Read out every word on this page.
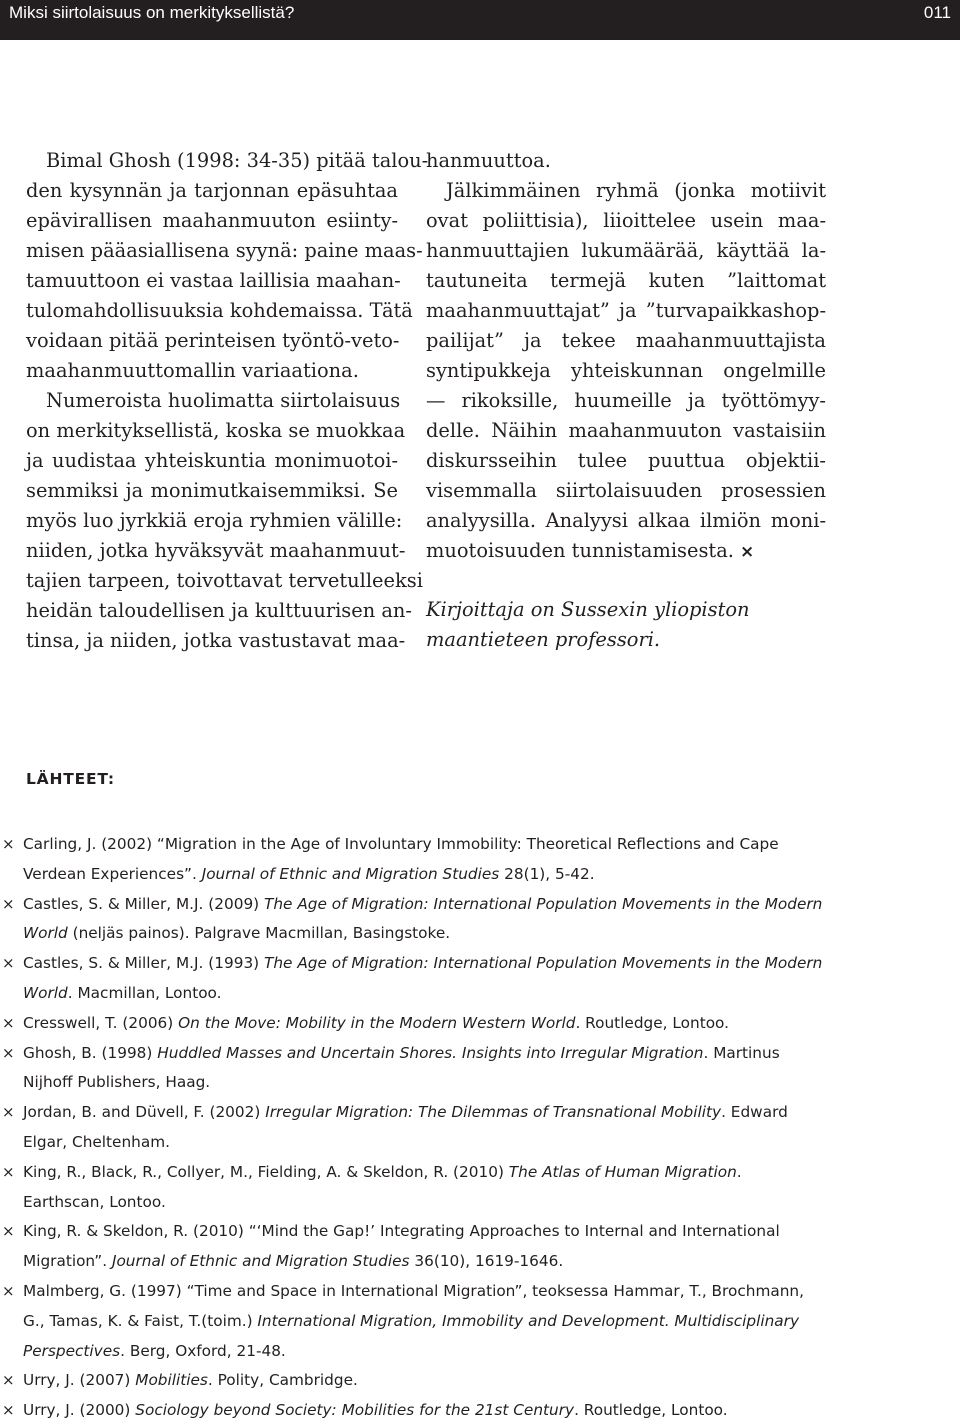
Miksi siirtolaisuus on merkityksellistä?	011
Bimal Ghosh (1998: 34-35) pitää talou-
den kysynnän ja tarjonnan epäsuhtaa
epävirallisen maahanmuuton esiinty-
misen pääasiallisena syynä: paine maas-
tamuuttoon ei vastaa laillisia maahan-
tulomahdollisuuksia kohdemaissa. Tätä
voidaan pitää perinteisen työntö-veto-
maahanmuuttomallin variaationa.
Numeroista huolimatta siirtolaisuus
on merkityksellistä, koska se muokkaa
ja uudistaa yhteiskuntia monimuotoi-
semmiksi ja monimutkaisemmiksi. Se
myös luo jyrkkiä eroja ryhmien välille:
niiden, jotka hyväksyvät maahanmuut-
tajien tarpeen, toivottavat tervetulleeksi
heidän taloudellisen ja kulttuurisen an-
tinsa, ja niiden, jotka vastustavat maa-
hanmuuttoa.
Jälkimmäinen ryhmä (jonka motiivit
ovat poliittisia), liioittelee usein maa-
hanmuuttajien lukumäärää, käyttää la-
tautuneita termejä kuten ”laittomat
maahanmuuttajat” ja ”turvapaikkashop-
pailijat” ja tekee maahanmuuttajista
syntipukkeja yhteiskunnan ongelmille
— rikoksille, huumeille ja työttömyy-
delle. Näihin maahanmuuton vastaisiin
diskursseihin tulee puuttua objektii-
visemmalla siirtolaisuuden prosessien
analyysilla. Analyysi alkaa ilmiön moni-
muotoisuuden tunnistamisesta. ×
Kirjoittaja on Sussexin yliopiston
maantieteen professori.
LÄHTEET:
× Carling, J. (2002) “Migration in the Age of Involuntary Immobility: Theoretical Reflections and Cape
Verdean Experiences”. Journal of Ethnic and Migration Studies 28(1), 5-42.
× Castles, S. & Miller, M.J. (2009) The Age of Migration: International Population Movements in the Modern
World (neljäs painos). Palgrave Macmillan, Basingstoke.
× Castles, S. & Miller, M.J. (1993) The Age of Migration: International Population Movements in the Modern
World. Macmillan, Lontoo.
× Cresswell, T. (2006) On the Move: Mobility in the Modern Western World. Routledge, Lontoo.
× Ghosh, B. (1998) Huddled Masses and Uncertain Shores. Insights into Irregular Migration. Martinus
Nijhoff Publishers, Haag.
× Jordan, B. and Düvell, F. (2002) Irregular Migration: The Dilemmas of Transnational Mobility. Edward
Elgar, Cheltenham.
× King, R., Black, R., Collyer, M., Fielding, A. & Skeldon, R. (2010) The Atlas of Human Migration.
Earthscan, Lontoo.
× King, R. & Skeldon, R. (2010) “‘Mind the Gap!’ Integrating Approaches to Internal and International
Migration”. Journal of Ethnic and Migration Studies 36(10), 1619-1646.
× Malmberg, G. (1997) “Time and Space in International Migration”, teoksessa Hammar, T., Brochmann,
G., Tamas, K. & Faist, T.(toim.) International Migration, Immobility and Development. Multidisciplinary
Perspectives. Berg, Oxford, 21-48.
× Urry, J. (2007) Mobilities. Polity, Cambridge.
× Urry, J. (2000) Sociology beyond Society: Mobilities for the 21st Century. Routledge, Lontoo.
